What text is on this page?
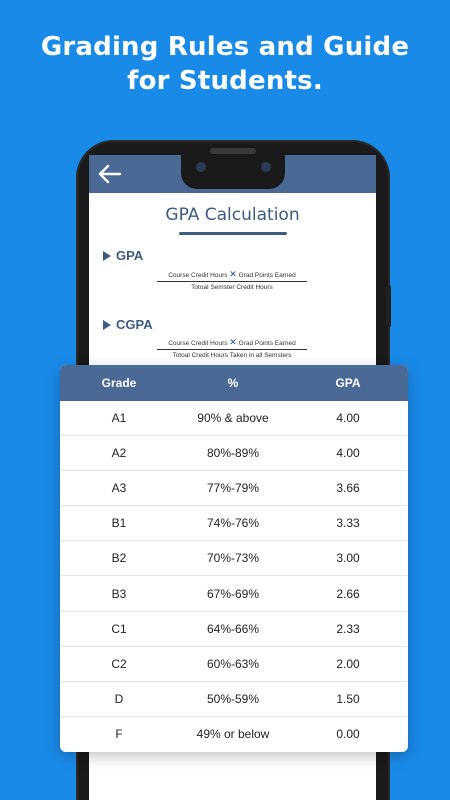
Grading Rules and Guide
for Students.
GPA Calculation
GPA
Course Credit Hours ✕ Grad Points Earned
Totoal Semster Credit Hours
CGPA
Course Credit Hours ✕ Grad Points Earned
Totoal Credit Hours Taken in all Semsters
Grade	%	GPA
A1	90% & above	4.00
A2	80%-89%	4.00
A3	77%-79%	3.66
B1	74%-76%	3.33
B2	70%-73%	3.00
B3	67%-69%	2.66
C1	64%-66%	2.33
C2	60%-63%	2.00
D	50%-59%	1.50
F	49% or below	0.00
